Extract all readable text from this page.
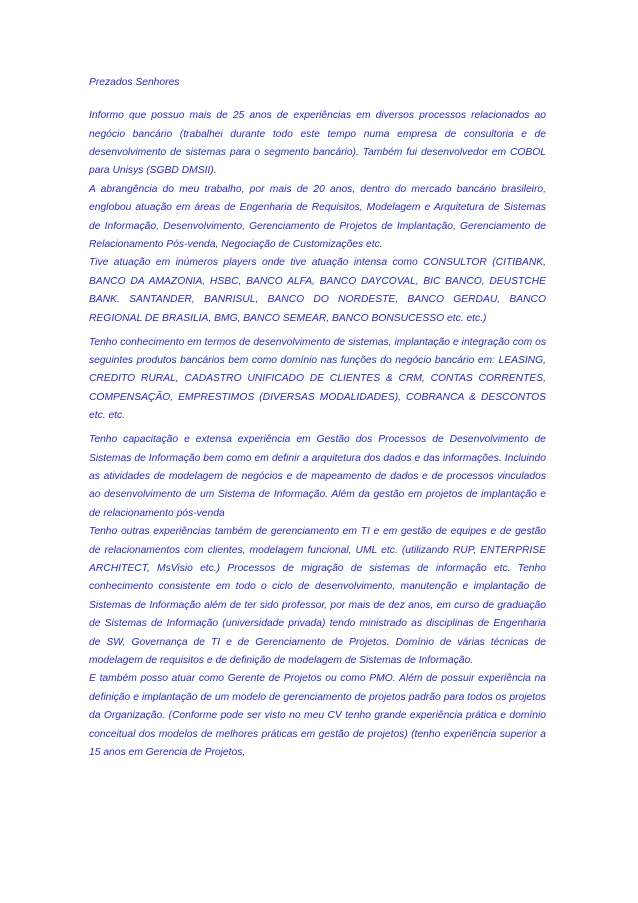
Prezados Senhores

Informo que possuo mais de 25 anos de experiências em diversos processos relacionados ao negócio bancário (trabalhei durante todo este tempo numa empresa de consultoria e de desenvolvimento de sistemas para o segmento bancário). Também fui desenvolvedor em COBOL para Unisys (SGBD DMSII).

A abrangência do meu trabalho, por mais de 20 anos, dentro do mercado bancário brasileiro, englobou atuação em áreas de Engenharia de Requisitos, Modelagem e Arquitetura de Sistemas de Informação, Desenvolvimento, Gerenciamento de Projetos de Implantação, Gerenciamento de Relacionamento Pós-venda, Negociação de Customizações etc.

Tive atuação em inúmeros players onde tive atuação intensa como CONSULTOR (CITIBANK, BANCO DA AMAZONIA, HSBC, BANCO ALFA, BANCO DAYCOVAL, BIC BANCO, DEUSTCHE BANK. SANTANDER, BANRISUL, BANCO DO NORDESTE, BANCO GERDAU, BANCO REGIONAL DE BRASILIA, BMG, BANCO SEMEAR, BANCO BONSUCESSO etc. etc.)

Tenho conhecimento em termos de desenvolvimento de sistemas, implantação e integração com os seguintes produtos bancários bem como domínio nas funções do negócio bancário em: LEASING, CREDITO RURAL, CADASTRO UNIFICADO DE CLIENTES & CRM, CONTAS CORRENTES, COMPENSAÇÃO, EMPRESTIMOS (DIVERSAS MODALIDADES), COBRANCA & DESCONTOS etc. etc.

Tenho capacitação e extensa experiência em Gestão dos Processos de Desenvolvimento de Sistemas de Informação bem como em definir a arquitetura dos dados e das informações. Incluindo as atividades de modelagem de negócios e de mapeamento de dados e de processos vinculados ao desenvolvimento de um Sistema de Informação. Além da gestão em projetos de implantação e de relacionamento pós-venda

Tenho outras experiências também de gerenciamento em TI e em gestão de equipes e de gestão de relacionamentos com clientes, modelagem funcional, UML etc. (utilizando RUP, ENTERPRISE ARCHITECT, MsVisio etc.) Processos de migração de sistemas de informação etc. Tenho conhecimento consistente em todo o ciclo de desenvolvimento, manutenção e implantação de Sistemas de Informação além de ter sido professor, por mais de dez anos, em curso de graduação de Sistemas de Informação (universidade privada) tendo ministrado as disciplinas de Engenharia de SW, Governança de TI e de Gerenciamento de Projetos. Domínio de várias técnicas de modelagem de requisitos e de definição de modelagem de Sistemas de Informação.

E também posso atuar como Gerente de Projetos ou como PMO. Além de possuir experiência na definição e implantação de um modelo de gerenciamento de projetos padrão para todos os projetos da Organização. (Conforme pode ser visto no meu CV tenho grande experiência prática e domínio conceitual dos modelos de melhores práticas em gestão de projetos) (tenho experiência superior a 15 anos em Gerencia de Projetos,
